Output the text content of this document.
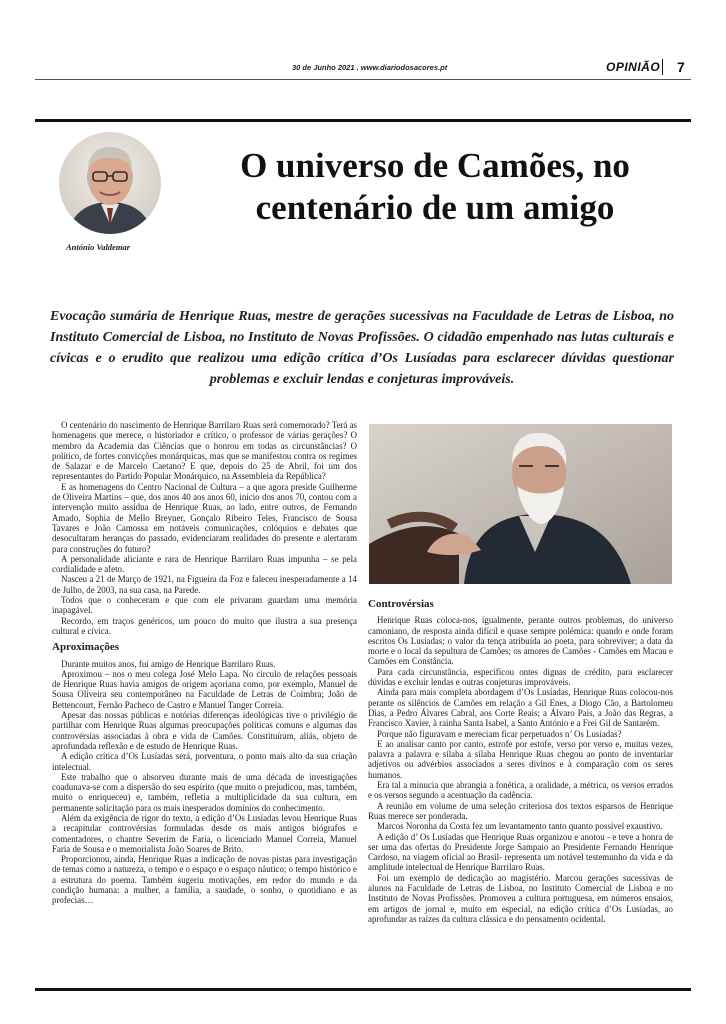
30 de Junho 2021 . www.diariodosacores.pt	OPINIÃO 7
António Valdemar
O universo de Camões, no centenário de um amigo

Evocação sumária de Henrique Ruas, mestre de gerações sucessivas na Faculdade de Letras de Lisboa, no Instituto Comercial de Lisboa, no Instituto de Novas Profissões. O cidadão empenhado nas lutas culturais e cívicas e o erudito que realizou uma edição crítica d’Os Lusíadas para esclarecer dúvidas questionar problemas e excluir lendas e conjeturas improváveis.

O centenário do nascimento de Henrique Barrilaro Ruas será comemorado? Terá as homenagens que merece, o historiador e crítico, o professor de várias gerações? O membro da Academia das Ciências que o honrou em todas as circunstâncias? O político, de fortes convicções monárquicas, mas que se manifestou contra os regimes de Salazar e de Marcelo Caetano? E que, depois do 25 de Abril, foi um dos representantes do Partido Popular Monárquico, na Assembleia da República?

E as homenagens do Centro Nacional de Cultura – a que agora preside Guilherme de Oliveira Martins – que, dos anos 40 aos anos 60, início dos anos 70, contou com a intervenção muito assídua de Henrique Ruas, ao lado, entre outros, de Fernando Amado, Sophia de Mello Breyner, Gonçalo Ribeiro Teles, Francisco de Sousa Tavares e João Camossa em notáveis comunicações, colóquios e debates que desocultaram heranças do passado, evidenciaram realidades do presente e alertaram para construções do futuro?

A personalidade aliciante e rara de Henrique Barrilaro Ruas impunha – se pela cordialidade e afeto.

Nasceu a 21 de Março de 1921, na Figueira da Foz e faleceu inesperadamente a 14 de Julho, de 2003, na sua casa, na Parede.

Todos que o conheceram e que com ele privaram guardam uma memória inapagável.

Recordo, em traços genéricos, um pouco do muito que ilustra a sua presença cultural e cívica.

Aproximações

Durante muitos anos, fui amigo de Henrique Barrilaro Ruas.

Aproximou – nos o meu colega José Melo Lapa. No círculo de relações pessoais de Henrique Ruas havia amigos de origem açoriana como, por exemplo, Manuel de Sousa Oliveira seu contemporâneo na Faculdade de Letras de Coimbra; João de Bettencourt, Fernão Pacheco de Castro e Manuel Tanger Correia.

Apesar das nossas públicas e notórias diferenças ideológicas tive o privilégio de partilhar com Henrique Ruas algumas preocupações políticas comuns e algumas das controvérsias associadas à obra e vida de Camões. Constituíram, aliás, objeto de aprofundada reflexão e de estudo de Henrique Ruas.

A edição crítica d’Os Lusíadas será, porventura, o ponto mais alto da sua criação intelectual.

Este trabalho que o absorveu durante mais de uma década de investigações coadunava-se com a dispersão do seu espírito (que muito o prejudicou, mas, também, muito o enriqueceu) e, também, refletia a multiplicidade da sua cultura, em permanente solicitação para os mais inesperados domínios do conhecimento.

Além da exigência de rigor do texto, a edição d’Os Lusíadas levou Henrique Ruas a recapitular controvérsias formuladas desde os mais antigos biógrafos e comentadores, o chantre Severim de Faria, o licenciado Manuel Correia, Manuel Faria de Sousa e o memorialista João Soares de Brito.

Proporcionou, ainda, Henrique Ruas a indicação de novas pistas para investigação de temas como a natureza, o tempo e o espaço e o espaço náutico; o tempo histórico e a estrutura do poema. Também sugeriu motivações, em redor do mundo e da condição humana: a mulher, a família, a saudade, o sonho, o quotidiano e as profecias…

Controvérsias

Henrique Ruas coloca-nos, igualmente, perante outros problemas, do universo camoniano, de resposta ainda difícil e quase sempre polémica: quando e onde foram escritos Os Lusíadas; o valor da tença atribuída ao poeta, para sobreviver; a data da morte e o local da sepultura de Camões; os amores de Camões - Camões em Macau e Camões em Constância.

Para cada circunstância, especificou ontes dignas de crédito, para esclarecer dúvidas e excluir lendas e outras conjeturas improváveis.

Ainda para mais completa abordagem d’Os Lusíadas, Henrique Ruas colocou-nos perante os silêncios de Camões em relação a Gil Enes, a Diogo Cão, a Bartolomeu Dias, a Pedro Álvares Cabral, aos Corte Reais; a Álvaro Pais, a João das Regras, a Francisco Xavier, à rainha Santa Isabel, a Santo António e a Frei Gil de Santarém.

Porque não figuravam e mereciam ficar perpetuados n’ Os Lusíadas?

E ao analisar canto por canto, estrofe por estofe, verso por verso e, muitas vezes, palavra a palavra e sílaba a sílaba Henrique Ruas chegou ao ponto de inventariar adjetivos ou advérbios associados a seres divinos e à comparação com os seres humanos.

Era tal a minucia que abrangia a fonética, a oralidade, a métrica, os versos errados e os versos segundo a acentuação da cadência.

A reunião em volume de uma seleção criteriosa dos textos esparsos de Henrique Ruas merece ser ponderada.

Marcos Noronha da Costa fez um levantamento tanto quanto possível exaustivo.

A edição d’ Os Lusíadas que Henrique Ruas organizou e anotou - e teve a honra de ser uma das ofertas do Presidente Jorge Sampaio ao Presidente Fernando Henrique Cardoso, na viagem oficial ao Brasil- representa um notável testemunho da vida e da amplitude intelectual de Henrique Barrilaro Ruas.

Foi um exemplo de dedicação ao magistério. Marcou gerações sucessivas de alunos na Faculdade de Letras de Lisboa, no Instituto Comercial de Lisboa e no Instituto de Novas Profissões. Promoveu a cultura portuguesa, em números ensaios, em artigos de jornal e, muito em especial, na edição crítica d’Os Lusíadas, ao aprofundar as raízes da cultura clássica e do pensamento ocidental.
